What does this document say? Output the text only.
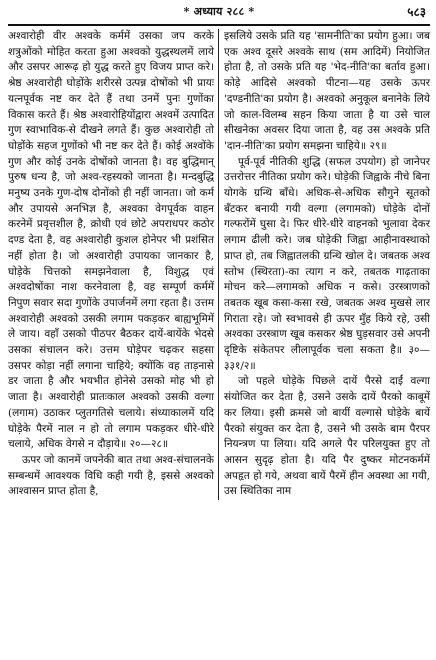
* अध्याय २८८ *	५८३

अश्वारोही वीर अश्वके कर्ममें उसका जप करके शत्रुओंको मोहित करता हुआ अश्वको युद्धस्थलमें लाये और उसपर आरूढ़ हो युद्ध करते हुए विजय प्राप्त करे। श्रेष्ठ अश्वारोही घोड़ोंके शरीरसे उत्पन्न दोषोंको भी प्रायः यत्नपूर्वक नष्ट कर देते हैं तथा उनमें पुनः गुणोंका विकास करते हैं। श्रेष्ठ अश्वारोहियोंद्वारा अश्वमें उत्पादित गुण स्वाभाविक-से दीखने लगते हैं। कुछ अश्वारोही तो घोड़ोंके सहज गुणोंको भी नष्ट कर देते हैं। कोई अश्वोंके गुण और कोई उनके दोषोंको जानता है। वह बुद्धिमान् पुरुष धन्य है, जो अश्व-रहस्यको जानता है। मन्दबुद्धि मनुष्य उनके गुण-दोष दोनोंको ही नहीं जानता। जो कर्म और उपायसे अनभिज्ञ है, अश्वका वेगपूर्वक वाहन करनेमें प्रवृत्तशील है, क्रोधी एवं छोटे अपराधपर कठोर दण्ड देता है, वह अश्वारोही कुशल होनेपर भी प्रशंसित नहीं होता है। जो अश्वारोही उपायका जानकार है, घोड़ेके चित्तको समझनेवाला है, विशुद्ध एवं अश्वदोषोंका नाश करनेवाला है, वह सम्पूर्ण कर्ममें निपुण सवार सदा गुणोंके उपार्जनमें लगा रहता है। उत्तम अश्वारोही अश्वको उसकी लगाम पकड़कर बाह्यभूमिमें ले जाय। वहाँ उसको पीठपर बैठकर दायें-बायेंके भेदसे उसका संचालन करे। उत्तम घोड़ेपर चढ़कर सहसा उसपर कोड़ा नहीं लगाना चाहिये; क्योंकि वह ताड़नासे डर जाता है और भयभीत होनेसे उसको मोह भी हो जाता है। अश्वारोही प्रातःकाल अश्वको उसकी वल्गा (लगाम) उठाकर प्लुतगतिसे चलाये। संध्याकालमें यदि घोड़ेके पैरमें नाल न हो तो लगाम पकड़कर धीरे-धीरे चलाये, अधिक वेगसे न दौड़ाये॥ २०—२८॥

ऊपर जो कानमें जपनेकी बात तथा अश्व-संचालनके सम्बन्धमें आवश्यक विधि कही गयी है, इससे अश्वको आश्वासन प्राप्त होता है,

इसलिये उसके प्रति यह 'सामनीति'का प्रयोग हुआ। जब एक अश्व दूसरे अश्वके साथ (सम आदिमें) नियोजित होता है, तो उसके प्रति यह 'भेद-नीति'का बर्ताव हुआ। कोड़े आदिसे अश्वको पीटना—यह उसके ऊपर 'दण्डनीति'का प्रयोग है। अश्वको अनुकूल बनानेके लिये जो काल-विलम्ब सहन किया जाता है या उसे चाल सीखनेका अवसर दिया जाता है, वह उस अश्वके प्रति 'दान-नीति'का प्रयोग समझना चाहिये॥ २९॥

पूर्व-पूर्व नीतिकी शुद्धि (सफल उपयोग) हो जानेपर उत्तरोत्तर नीतिका प्रयोग करे। घोड़ेकी जिह्वाके नीचे बिना योगके ग्रन्थि बाँधे। अधिक-से-अधिक सौगुने सूतको बँटकर बनायी गयी वल्गा (लगामको) घोड़ेके दोनों गल्फरोंमें घुसा दे। फिर धीरे-धीरे वाहनको भुलावा देकर लगाम ढीली करे। जब घोड़ेकी जिह्वा आहीनावस्थाको प्राप्त हो, तब जिह्वातलकी ग्रन्थि खोल दे। जबतक अश्व स्तोभ (स्थिरता)-का त्याग न करे, तबतक गाढ़ताका मोचन करे—लगामको अधिक न कसे। उरस्त्राणको तबतक खूब कसा-कसा रखे, जबतक अश्व मुखसे लार गिराता रहे। जो स्वभावसे ही ऊपर मुँह किये रहे, उसी अश्वका उरस्त्राण खूब कसकर श्रेष्ठ घुड़सवार उसे अपनी दृष्टिके संकेतपर लीलापूर्वक चला सकता है॥ ३०—३३१/२॥

जो पहले घोड़ेके पिछले दायें पैरसे दाईं वल्गा संयोजित कर देता है, उसने उसके दायें पैरको काबूमें कर लिया। इसी क्रमसे जो बायीं वल्गासे घोड़ेके बायें पैरको संयुक्त कर देता है, उसने भी उसके बाम पैरपर नियन्त्रण पा लिया। यदि अगले पैर परिलयुक्त हुए तो आसन सुदृढ़ होता है। यदि पैर दुष्कर मोटनकर्ममें अपहृत हो गये, अथवा बायें पैरमें हीन अवस्था आ गयी, उस स्थितिका नाम
